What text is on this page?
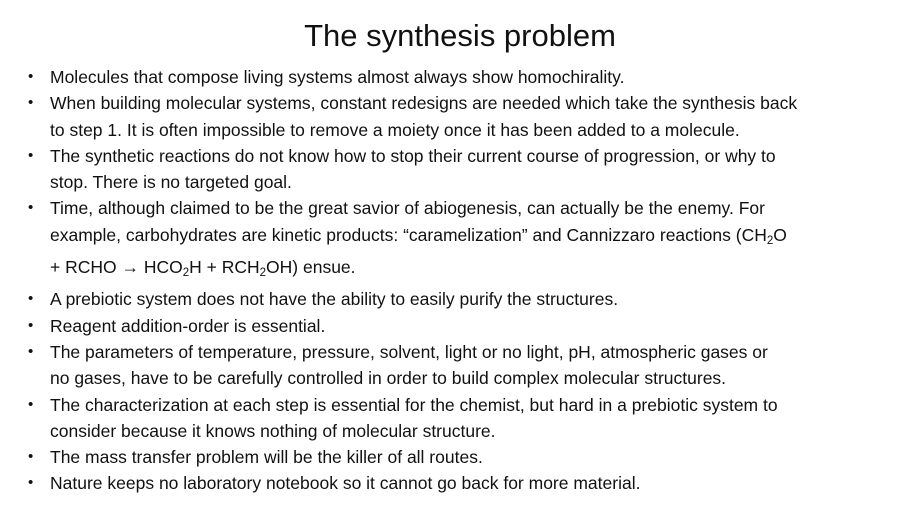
The synthesis problem
• Molecules that compose living systems almost always show homochirality.
• When building molecular systems, constant redesigns are needed which take the synthesis back
to step 1. It is often impossible to remove a moiety once it has been added to a molecule.
• The synthetic reactions do not know how to stop their current course of progression, or why to
stop. There is no targeted goal.
• Time, although claimed to be the great savior of abiogenesis, can actually be the enemy. For
example, carbohydrates are kinetic products: “caramelization” and Cannizzaro reactions ($CH_2O$
+ RCHO → $HCO_2H + RCH_2OH$) ensue.
• A prebiotic system does not have the ability to easily purify the structures.
• Reagent addition-order is essential.
• The parameters of temperature, pressure, solvent, light or no light, pH, atmospheric gases or
no gases, have to be carefully controlled in order to build complex molecular structures.
• The characterization at each step is essential for the chemist, but hard in a prebiotic system to
consider because it knows nothing of molecular structure.
• The mass transfer problem will be the killer of all routes.
• Nature keeps no laboratory notebook so it cannot go back for more material.
